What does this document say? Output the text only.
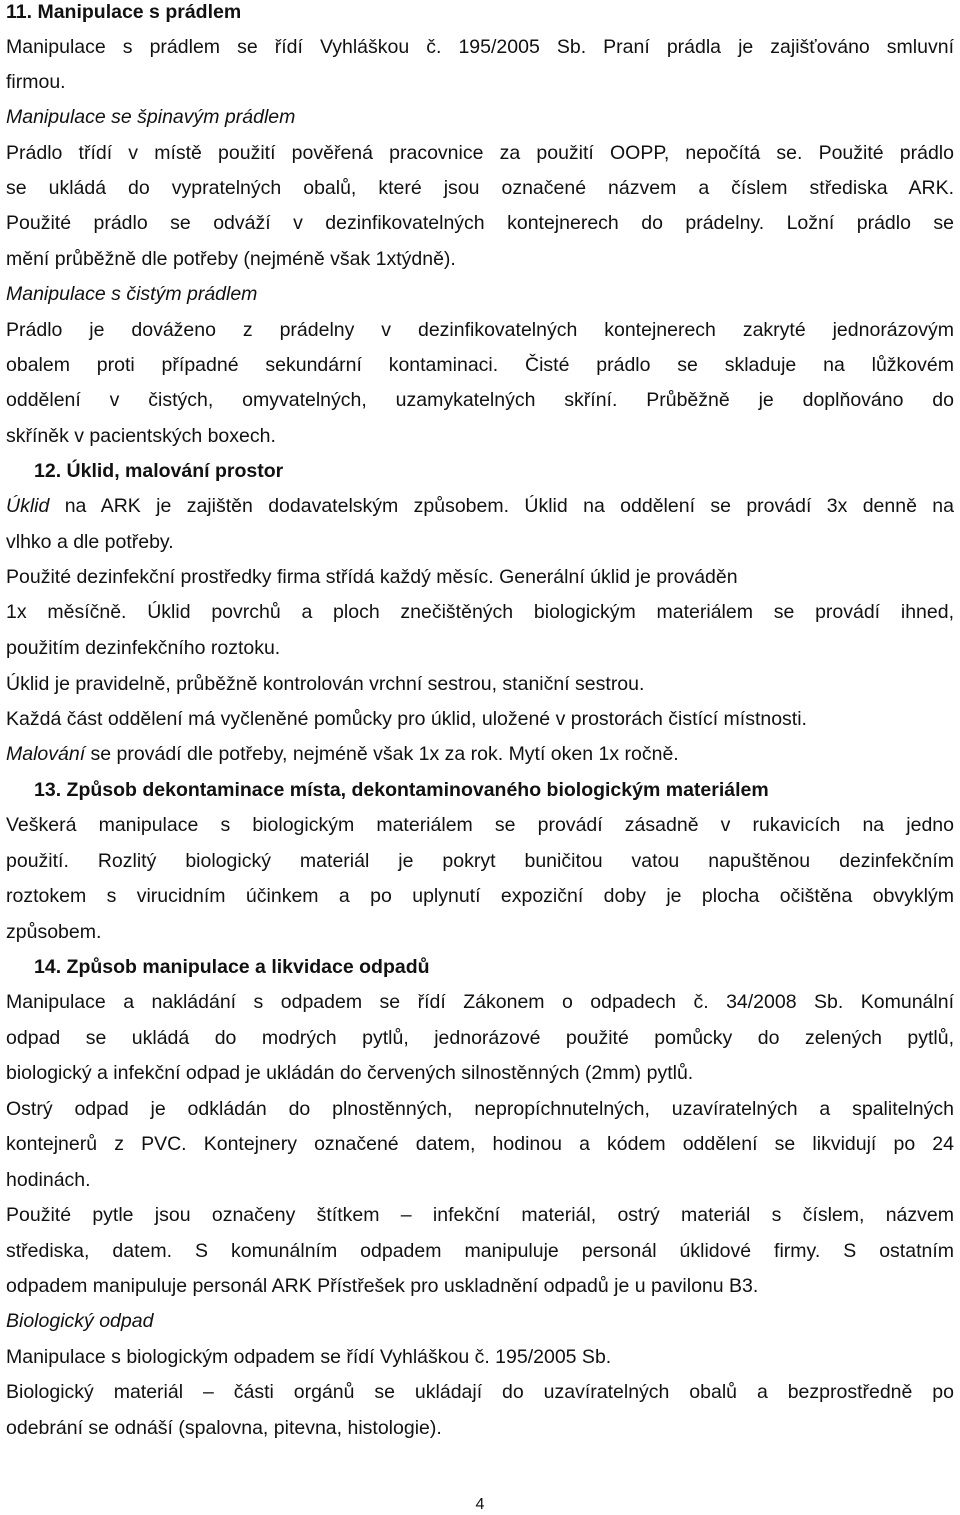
11. Manipulace s prádlem
Manipulace s prádlem se řídí Vyhláškou č. 195/2005 Sb. Praní prádla je zajišťováno smluvní
firmou.
Manipulace se špinavým prádlem
Prádlo třídí v místě použití pověřená pracovnice za použití OOPP, nepočítá se. Použité prádlo
se ukládá do vypratelných obalů, které jsou označené názvem a číslem střediska ARK.
Použité prádlo se odváží v dezinfikovatelných kontejnerech do prádelny. Ložní prádlo se
mění průběžně dle potřeby (nejméně však 1xtýdně).
Manipulace s čistým prádlem
Prádlo je dováženo z prádelny v dezinfikovatelných kontejnerech zakryté jednorázovým
obalem proti případné sekundární kontaminaci. Čisté prádlo se skladuje na lůžkovém
oddělení v čistých, omyvatelných, uzamykatelných skříní. Průběžně je doplňováno do
skříněk v pacientských boxech.
12. Úklid, malování prostor
Úklid na ARK je zajištěn dodavatelským způsobem. Úklid na oddělení se provádí 3x denně na
vlhko a dle potřeby.
Použité dezinfekční prostředky firma střídá každý měsíc. Generální úklid je prováděn
1x měsíčně. Úklid povrchů a ploch znečištěných biologickým materiálem se provádí ihned,
použitím dezinfekčního roztoku.
Úklid je pravidelně, průběžně kontrolován vrchní sestrou, staniční sestrou.
Každá část oddělení má vyčleněné pomůcky pro úklid, uložené v prostorách čistící místnosti.
Malování se provádí dle potřeby, nejméně však 1x za rok. Mytí oken 1x ročně.
13. Způsob dekontaminace místa, dekontaminovaného biologickým materiálem
Veškerá manipulace s biologickým materiálem se provádí zásadně v rukavicích na jedno
použití. Rozlitý biologický materiál je pokryt buničitou vatou napuštěnou dezinfekčním
roztokem s virucidním účinkem a po uplynutí expoziční doby je plocha očištěna obvyklým
způsobem.
14. Způsob manipulace a likvidace odpadů
Manipulace a nakládání s odpadem se řídí Zákonem o odpadech č. 34/2008 Sb. Komunální
odpad se ukládá do modrých pytlů, jednorázové použité pomůcky do zelených pytlů,
biologický a infekční odpad je ukládán do červených silnostěnných (2mm) pytlů.
Ostrý odpad je odkládán do plnostěnných, nepropíchnutelných, uzavíratelných a spalitelných
kontejnerů z PVC. Kontejnery označené datem, hodinou a kódem oddělení se likvidují po 24
hodinách.
Použité pytle jsou označeny štítkem – infekční materiál, ostrý materiál s číslem, názvem
střediska, datem. S komunálním odpadem manipuluje personál úklidové firmy. S ostatním
odpadem manipuluje personál ARK Přístřešek pro uskladnění odpadů je u pavilonu B3.
Biologický odpad
Manipulace s biologickým odpadem se řídí Vyhláškou č. 195/2005 Sb.
Biologický materiál – části orgánů se ukládají do uzavíratelných obalů a bezprostředně po
odebrání se odnáší (spalovna, pitevna, histologie).
4
